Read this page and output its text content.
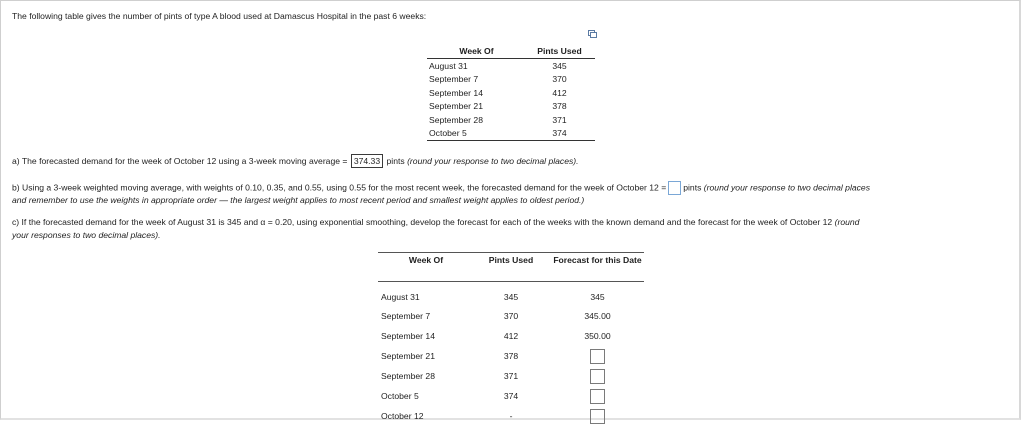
The following table gives the number of pints of type A blood used at Damascus Hospital in the past 6 weeks:
Week Of	Pints Used
August 31	345
September 7	370
September 14	412
September 21	378
September 28	371
October 5	374
a) The forecasted demand for the week of October 12 using a 3-week moving average = 374.33 pints (round your response to two decimal places).
b) Using a 3-week weighted moving average, with weights of 0.10, 0.35, and 0.55, using 0.55 for the most recent week, the forecasted demand for the week of October 12 = pints (round your response to two decimal places
and remember to use the weights in appropriate order — the largest weight applies to most recent period and smallest weight applies to oldest period.)
c) If the forecasted demand for the week of August 31 is 345 and α = 0.20, using exponential smoothing, develop the forecast for each of the weeks with the known demand and the forecast for the week of October 12 (round
your responses to two decimal places).
Week Of	Pints Used	Forecast for this Date
August 31	345	345
September 7	370	345.00
September 14	412	350.00
September 21	378	
September 28	371	
October 5	374	
October 12	-	
